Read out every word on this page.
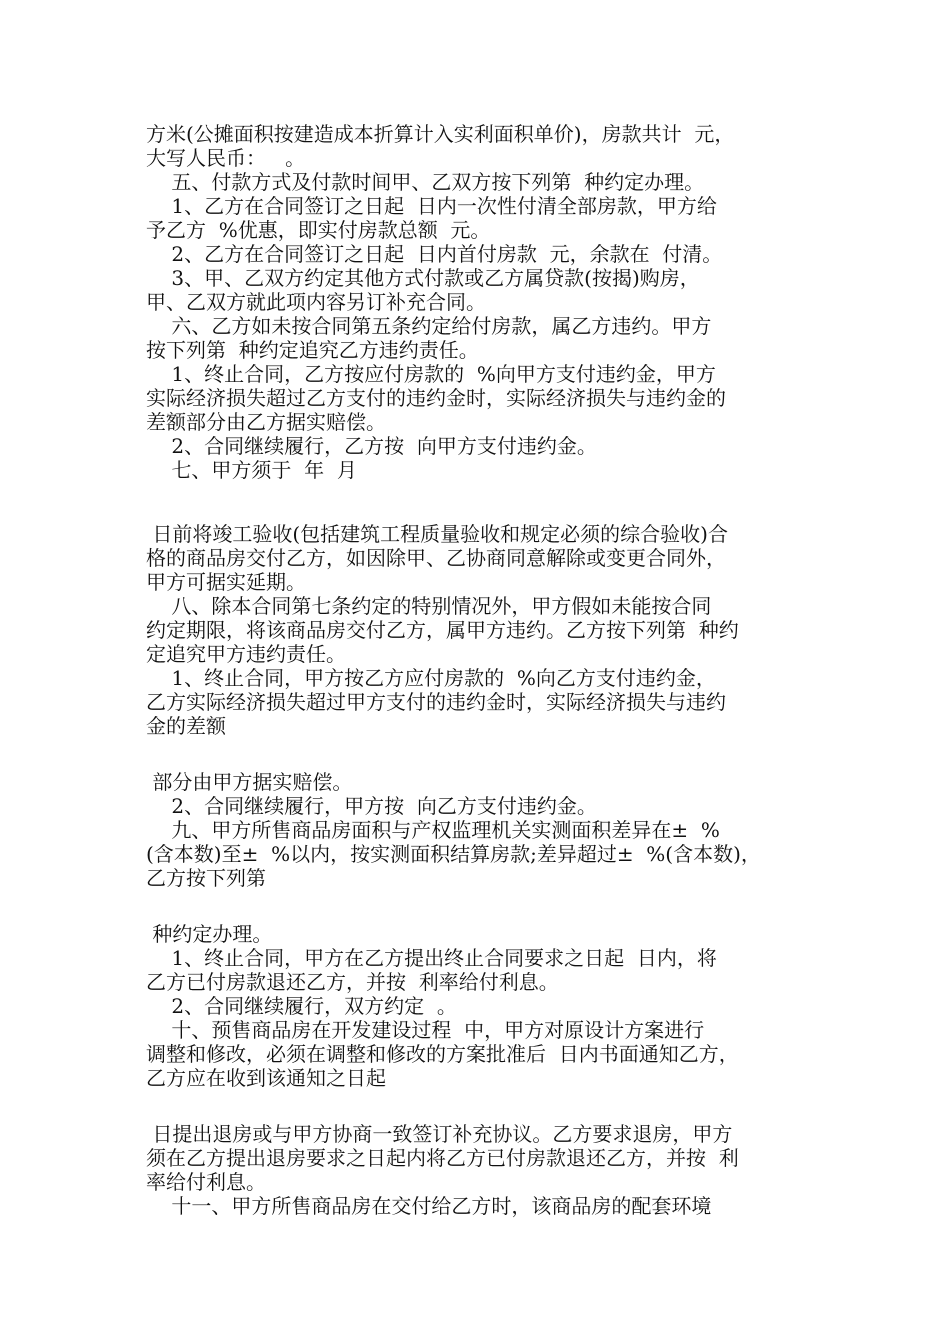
方米(公摊面积按建造成本折算计入实利面积单价)，房款共计  元，

大写人民币：   。

五、付款方式及付款时间甲、乙双方按下列第  种约定办理。

1、乙方在合同签订之日起  日内一次性付清全部房款，甲方给

予乙方  %优惠，即实付房款总额  元。

2、乙方在合同签订之日起  日内首付房款  元，余款在  付清。

3、甲、乙双方约定其他方式付款或乙方属贷款(按揭)购房，

甲、乙双方就此项内容另订补充合同。

六、乙方如未按合同第五条约定给付房款，属乙方违约。甲方

按下列第  种约定追究乙方违约责任。

1、终止合同，乙方按应付房款的  %向甲方支付违约金，甲方

实际经济损失超过乙方支付的违约金时，实际经济损失与违约金的

差额部分由乙方据实赔偿。

2、合同继续履行，乙方按  向甲方支付违约金。

七、甲方须于  年  月

日前将竣工验收(包括建筑工程质量验收和规定必须的综合验收)合

格的商品房交付乙方，如因除甲、乙协商同意解除或变更合同外，

甲方可据实延期。

八、除本合同第七条约定的特别情况外，甲方假如未能按合同

约定期限，将该商品房交付乙方，属甲方违约。乙方按下列第  种约

定追究甲方违约责任。

1、终止合同，甲方按乙方应付房款的  %向乙方支付违约金，

乙方实际经济损失超过甲方支付的违约金时，实际经济损失与违约

金的差额

部分由甲方据实赔偿。

2、合同继续履行，甲方按  向乙方支付违约金。

九、甲方所售商品房面积与产权监理机关实测面积差异在±  %

(含本数)至±  %以内，按实测面积结算房款;差异超过±  %(含本数)，

乙方按下列第

种约定办理。

1、终止合同，甲方在乙方提出终止合同要求之日起  日内，将

乙方已付房款退还乙方，并按  利率给付利息。

2、合同继续履行，双方约定  。

十、预售商品房在开发建设过程  中，甲方对原设计方案进行

调整和修改，必须在调整和修改的方案批准后  日内书面通知乙方，

乙方应在收到该通知之日起

日提出退房或与甲方协商一致签订补充协议。乙方要求退房，甲方

须在乙方提出退房要求之日起内将乙方已付房款退还乙方，并按  利

率给付利息。

十一、甲方所售商品房在交付给乙方时，该商品房的配套环境
